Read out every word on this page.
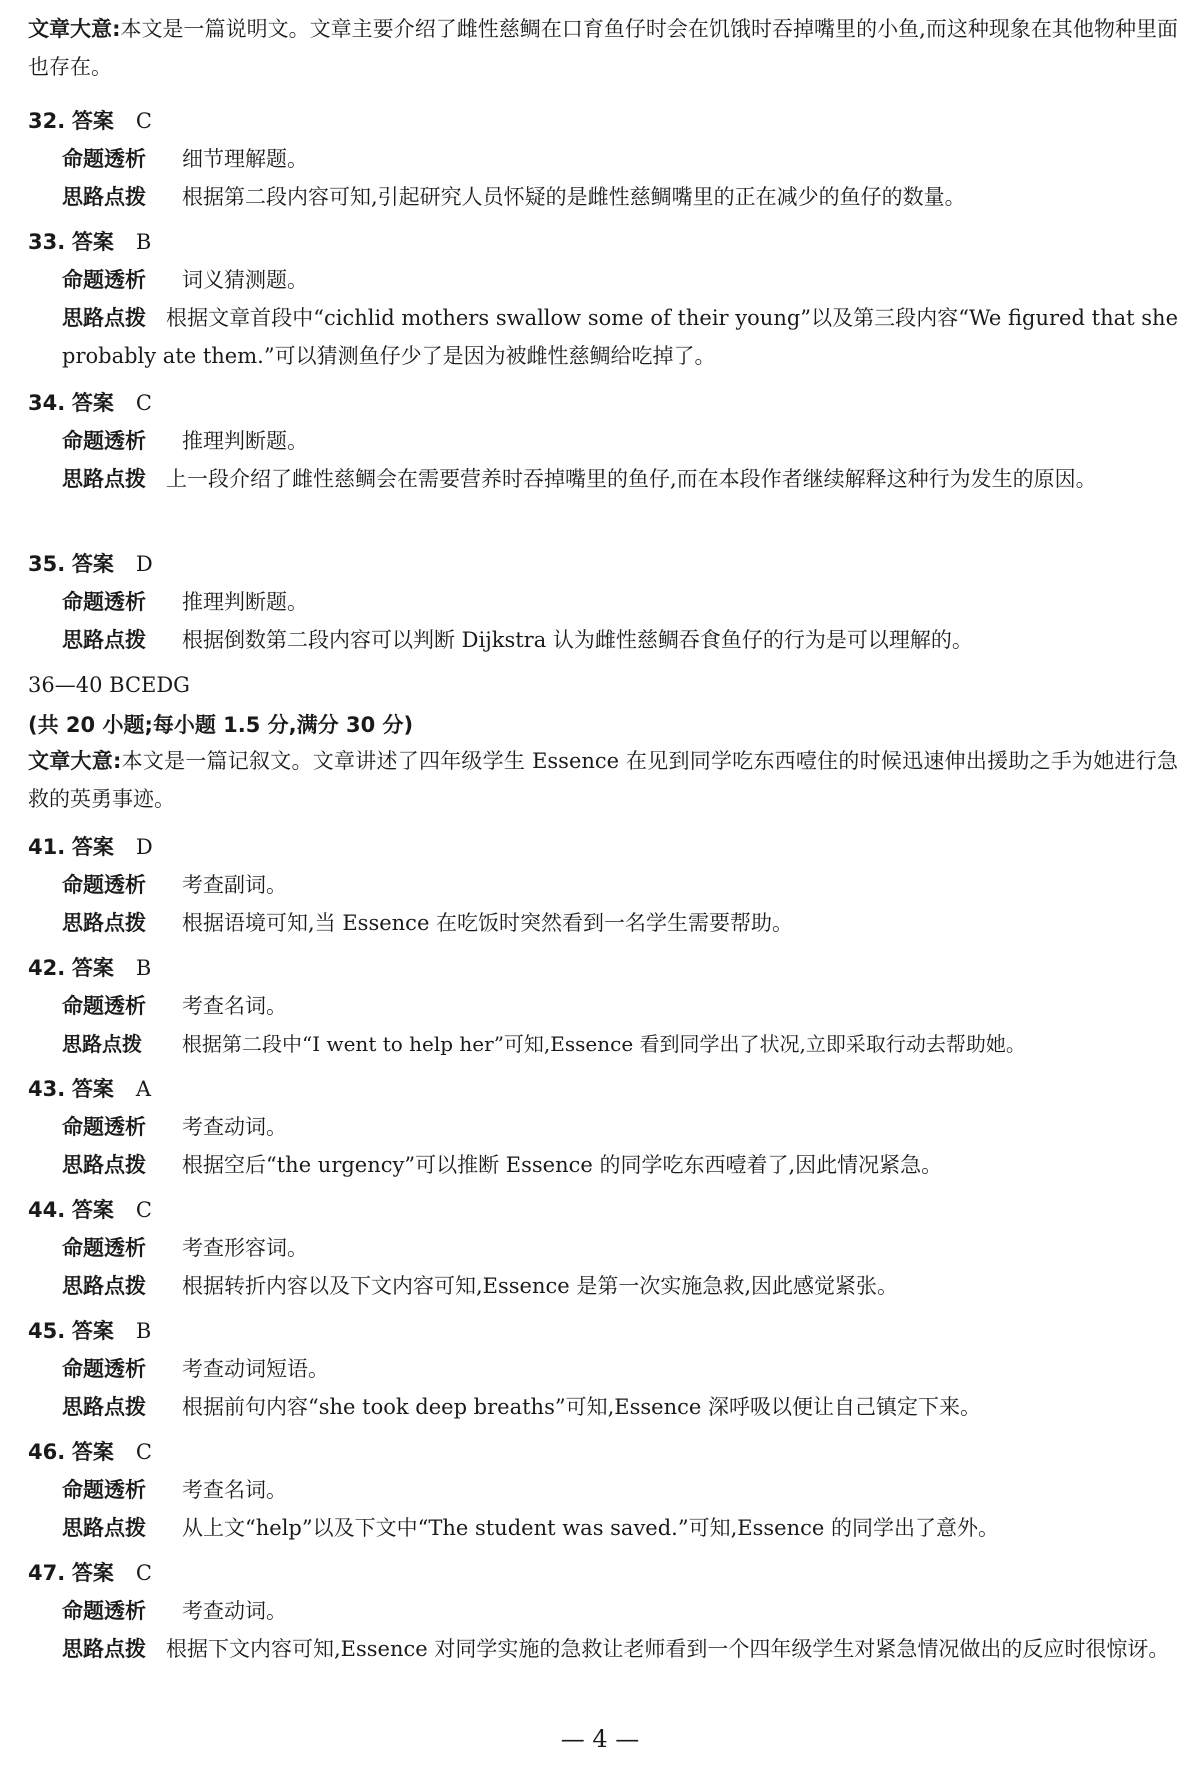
文章大意:本文是一篇说明文。文章主要介绍了雌性慈鲷在口育鱼仔时会在饥饿时吞掉嘴里的小鱼,而这种现象在其他物种里面也存在。
32. 答案 C
命题透析 细节理解题。
思路点拨 根据第二段内容可知,引起研究人员怀疑的是雌性慈鲷嘴里的正在减少的鱼仔的数量。
33. 答案 B
命题透析 词义猜测题。
思路点拨 根据文章首段中“cichlid mothers swallow some of their young”以及第三段内容“We figured that she probably ate them.”可以猜测鱼仔少了是因为被雌性慈鲷给吃掉了。
34. 答案 C
命题透析 推理判断题。
思路点拨 上一段介绍了雌性慈鲷会在需要营养时吞掉嘴里的鱼仔,而在本段作者继续解释这种行为发生的原因。
35. 答案 D
命题透析 推理判断题。
思路点拨 根据倒数第二段内容可以判断 Dijkstra 认为雌性慈鲷吞食鱼仔的行为是可以理解的。
36—40 BCEDG
(共 20 小题;每小题 1.5 分,满分 30 分)
文章大意:本文是一篇记叙文。文章讲述了四年级学生 Essence 在见到同学吃东西噎住的时候迅速伸出援助之手为她进行急救的英勇事迹。
41. 答案 D
命题透析 考查副词。
思路点拨 根据语境可知,当 Essence 在吃饭时突然看到一名学生需要帮助。
42. 答案 B
命题透析 考查名词。
思路点拨 根据第二段中“I went to help her”可知,Essence 看到同学出了状况,立即采取行动去帮助她。
43. 答案 A
命题透析 考查动词。
思路点拨 根据空后“the urgency”可以推断 Essence 的同学吃东西噎着了,因此情况紧急。
44. 答案 C
命题透析 考查形容词。
思路点拨 根据转折内容以及下文内容可知,Essence 是第一次实施急救,因此感觉紧张。
45. 答案 B
命题透析 考查动词短语。
思路点拨 根据前句内容“she took deep breaths”可知,Essence 深呼吸以便让自己镇定下来。
46. 答案 C
命题透析 考查名词。
思路点拨 从上文“help”以及下文中“The student was saved.”可知,Essence 的同学出了意外。
47. 答案 C
命题透析 考查动词。
思路点拨 根据下文内容可知,Essence 对同学实施的急救让老师看到一个四年级学生对紧急情况做出的反应时很惊讶。
— 4 —
